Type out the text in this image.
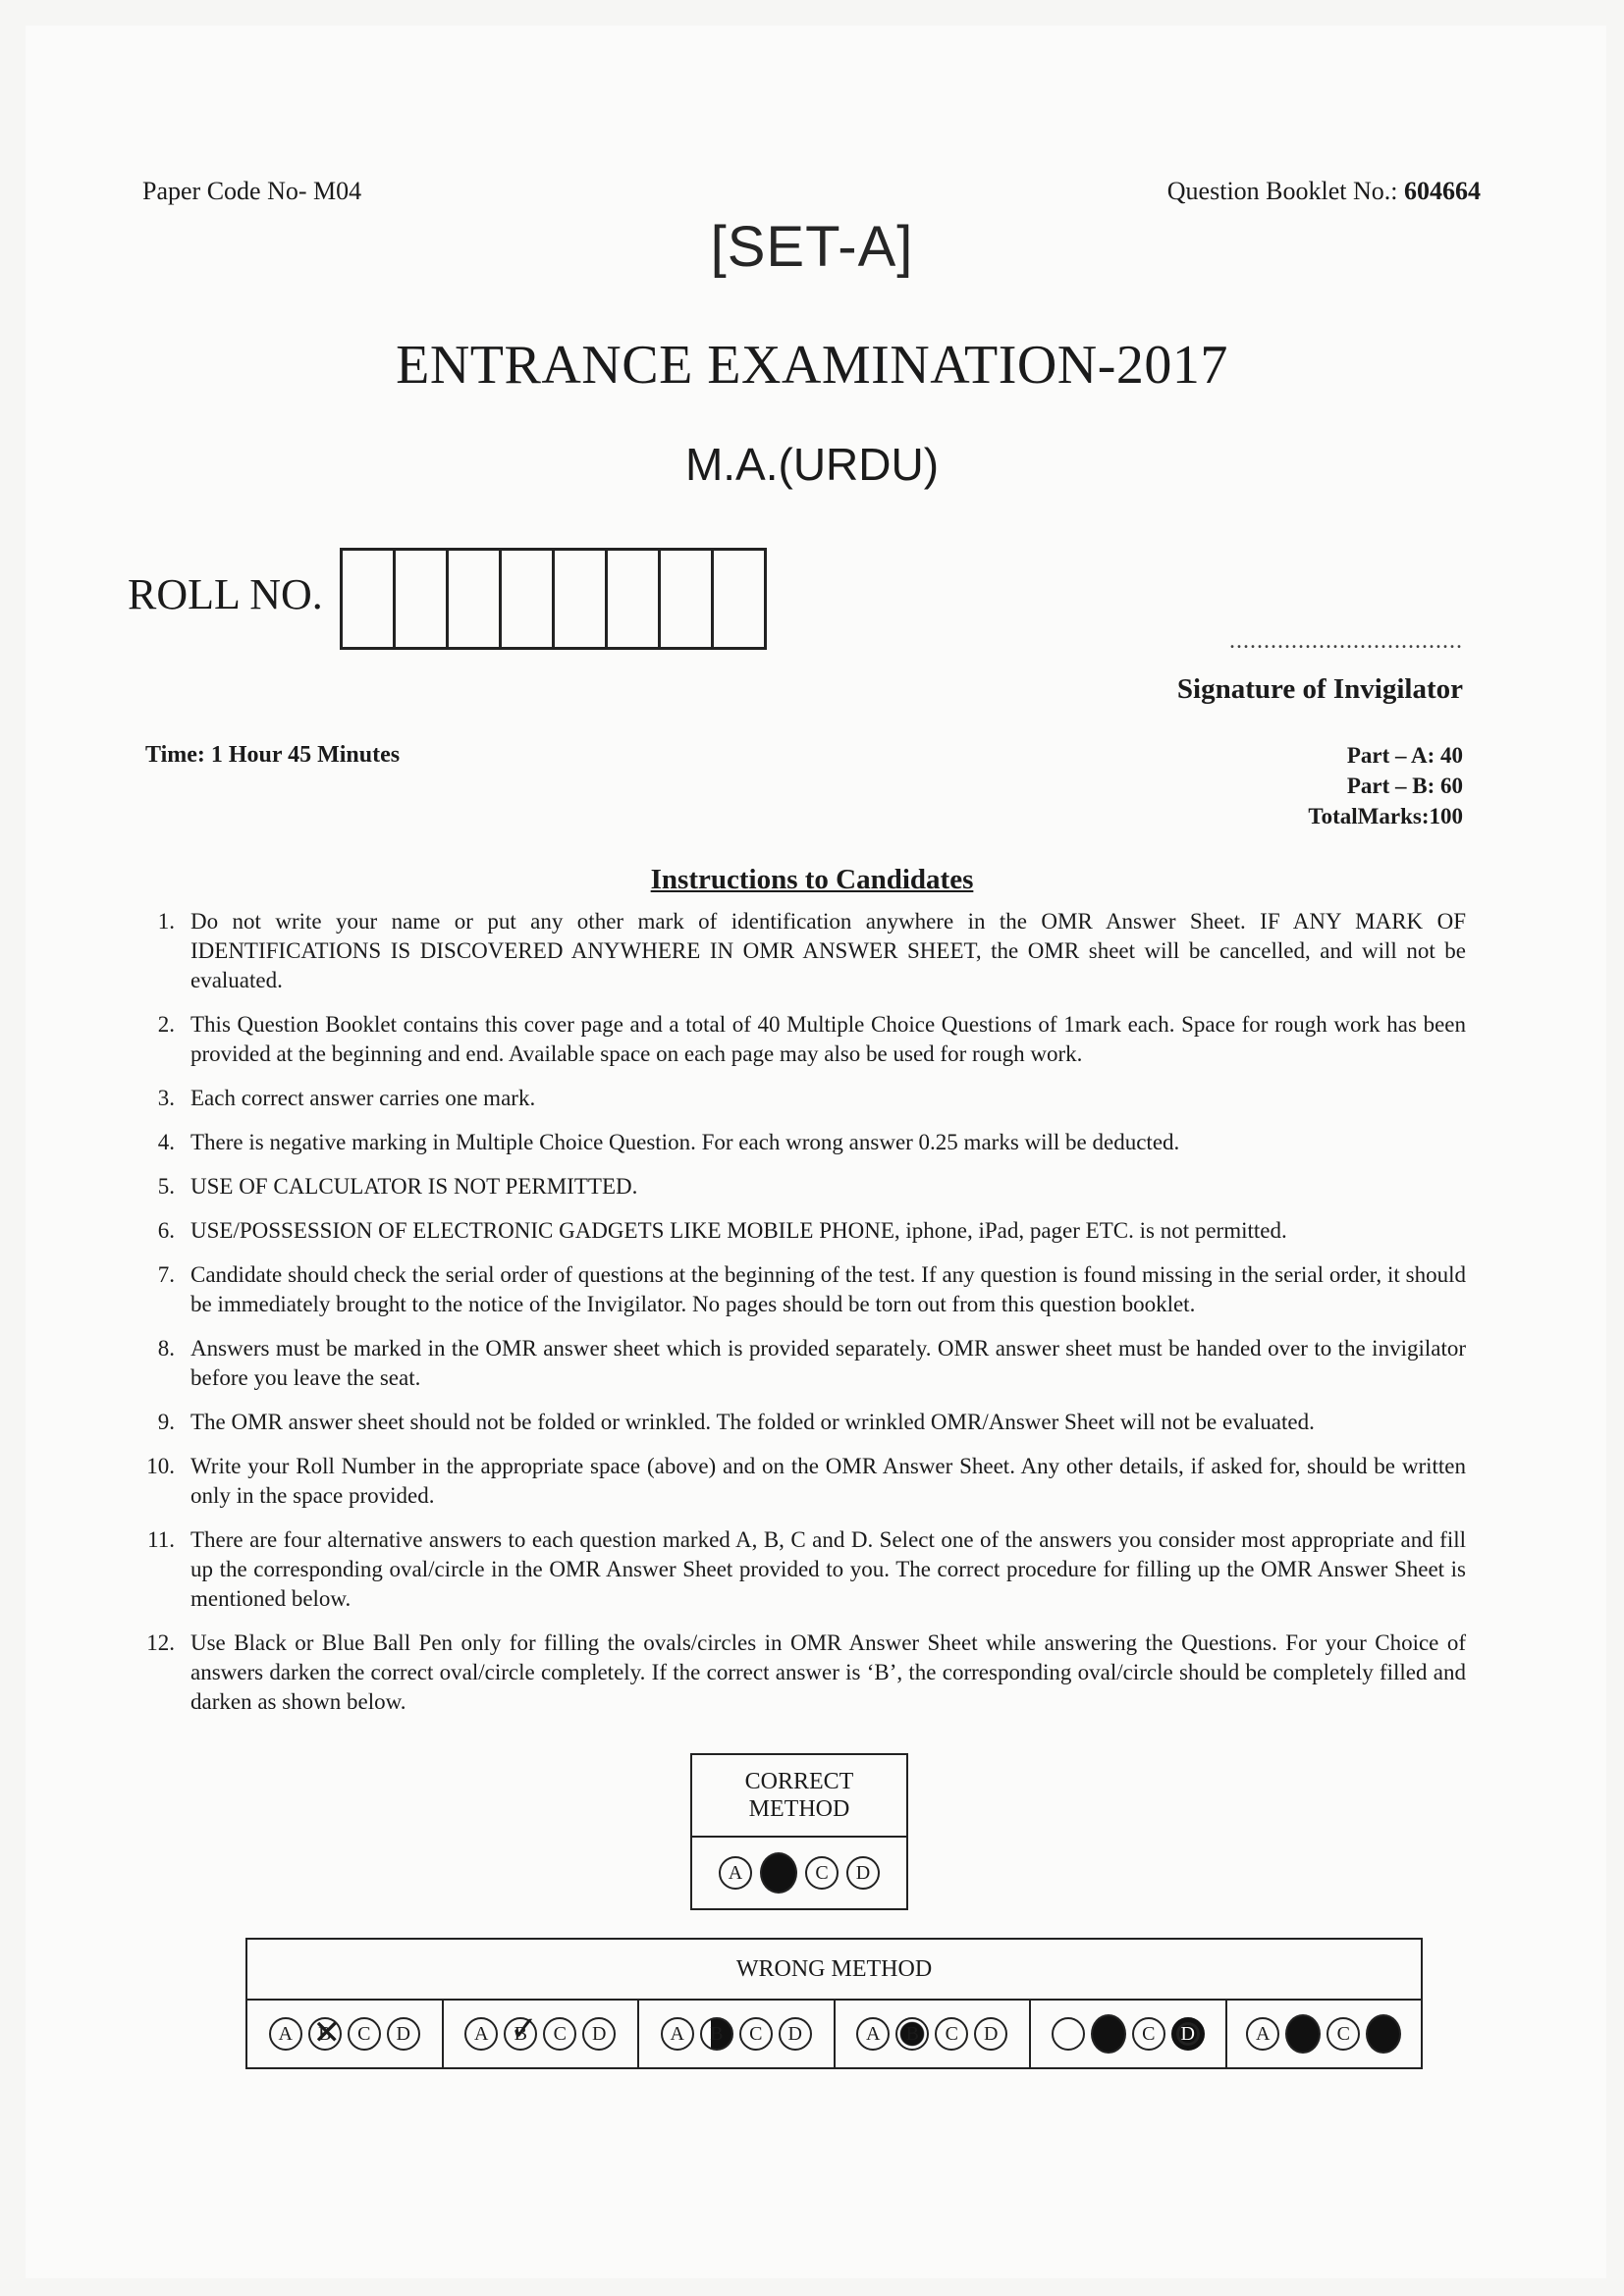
Paper Code No- M04	Question Booklet No.: 604664
[SET-A]
ENTRANCE EXAMINATION-2017
M.A.(URDU)
ROLL NO.
..................................
Signature of Invigilator
Time: 1 Hour 45 Minutes	Part – A: 40
Part – B: 60
TotalMarks:100
Instructions to Candidates
1. Do not write your name or put any other mark of identification anywhere in the OMR Answer Sheet. IF ANY MARK OF IDENTIFICATIONS IS DISCOVERED ANYWHERE IN OMR ANSWER SHEET, the OMR sheet will be cancelled, and will not be evaluated.
2. This Question Booklet contains this cover page and a total of 40 Multiple Choice Questions of 1mark each. Space for rough work has been provided at the beginning and end. Available space on each page may also be used for rough work.
3. Each correct answer carries one mark.
4. There is negative marking in Multiple Choice Question. For each wrong answer 0.25 marks will be deducted.
5. USE OF CALCULATOR IS NOT PERMITTED.
6. USE/POSSESSION OF ELECTRONIC GADGETS LIKE MOBILE PHONE, iphone, iPad, pager ETC. is not permitted.
7. Candidate should check the serial order of questions at the beginning of the test. If any question is found missing in the serial order, it should be immediately brought to the notice of the Invigilator. No pages should be torn out from this question booklet.
8. Answers must be marked in the OMR answer sheet which is provided separately. OMR answer sheet must be handed over to the invigilator before you leave the seat.
9. The OMR answer sheet should not be folded or wrinkled. The folded or wrinkled OMR/Answer Sheet will not be evaluated.
10. Write your Roll Number in the appropriate space (above) and on the OMR Answer Sheet. Any other details, if asked for, should be written only in the space provided.
11. There are four alternative answers to each question marked A, B, C and D. Select one of the answers you consider most appropriate and fill up the corresponding oval/circle in the OMR Answer Sheet provided to you. The correct procedure for filling up the OMR Answer Sheet is mentioned below.
12. Use Black or Blue Ball Pen only for filling the ovals/circles in OMR Answer Sheet while answering the Questions. For your Choice of answers darken the correct oval/circle completely. If the correct answer is ‘B’, the corresponding oval/circle should be completely filled and darken as shown below.
CORRECT
METHOD
A	C	D
WRONG METHOD
A	B ✕	C	D	A	B ✓	C	D	A	B	C	D	A	B	C	D	C	D	A	C
